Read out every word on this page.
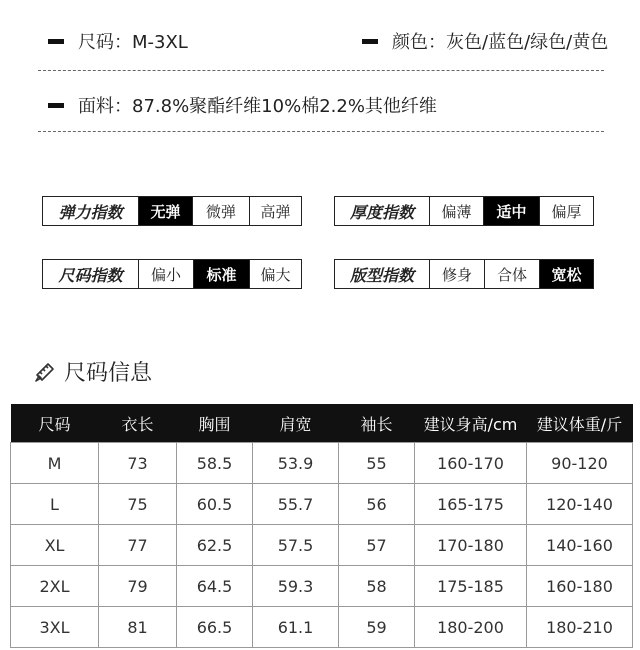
尺码：M-3XL	颜色：灰色/蓝色/绿色/黄色
面料：87.8%聚酯纤维10%棉2.2%其他纤维
弹力指数	无弹	微弹	高弹	厚度指数	偏薄	适中	偏厚
尺码指数	偏小	标准	偏大	版型指数	修身	合体	宽松
尺码信息
尺码	衣长	胸围	肩宽	袖长	建议身高/cm	建议体重/斤
M	73	58.5	53.9	55	160-170	90-120
L	75	60.5	55.7	56	165-175	120-140
XL	77	62.5	57.5	57	170-180	140-160
2XL	79	64.5	59.3	58	175-185	160-180
3XL	81	66.5	61.1	59	180-200	180-210
